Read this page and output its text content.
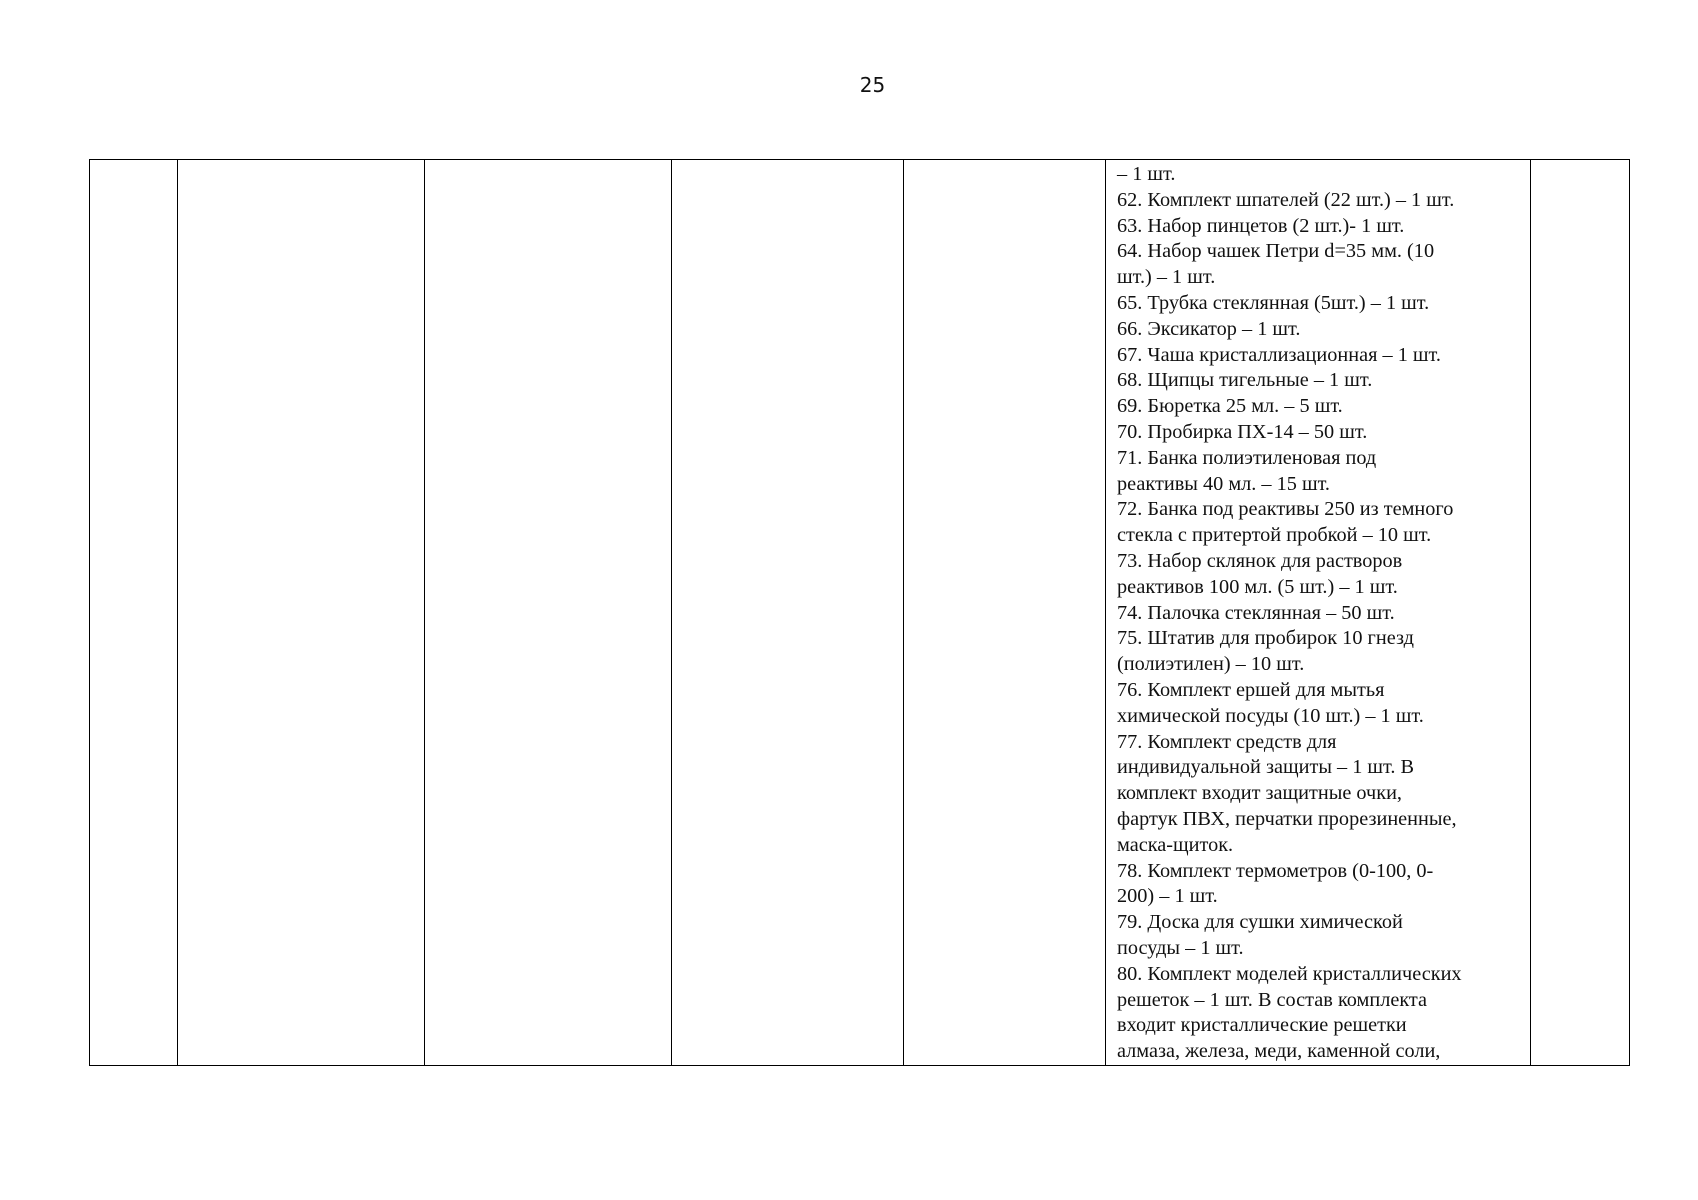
25

– 1 шт.
62. Комплект шпателей (22 шт.) – 1 шт.
63. Набор пинцетов (2 шт.)- 1 шт.
64. Набор чашек Петри d=35 мм. (10
шт.) – 1 шт.
65. Трубка стеклянная (5шт.) – 1 шт.
66. Эксикатор – 1 шт.
67. Чаша кристаллизационная – 1 шт.
68. Щипцы тигельные – 1 шт.
69. Бюретка 25 мл. – 5 шт.
70. Пробирка ПХ-14 – 50 шт.
71. Банка полиэтиленовая под
реактивы 40 мл. – 15 шт.
72. Банка под реактивы 250 из темного
стекла с притертой пробкой – 10 шт.
73. Набор склянок для растворов
реактивов 100 мл. (5 шт.) – 1 шт.
74. Палочка стеклянная – 50 шт.
75. Штатив для пробирок 10 гнезд
(полиэтилен) – 10 шт.
76. Комплект ершей для мытья
химической посуды (10 шт.) – 1 шт.
77. Комплект средств для
индивидуальной защиты – 1 шт. В
комплект входит защитные очки,
фартук ПВХ, перчатки прорезиненные,
маска-щиток.
78. Комплект термометров (0-100, 0-
200) – 1 шт.
79. Доска для сушки химической
посуды – 1 шт.
80. Комплект моделей кристаллических
решеток – 1 шт. В состав комплекта
входит кристаллические решетки
алмаза, железа, меди, каменной соли,
